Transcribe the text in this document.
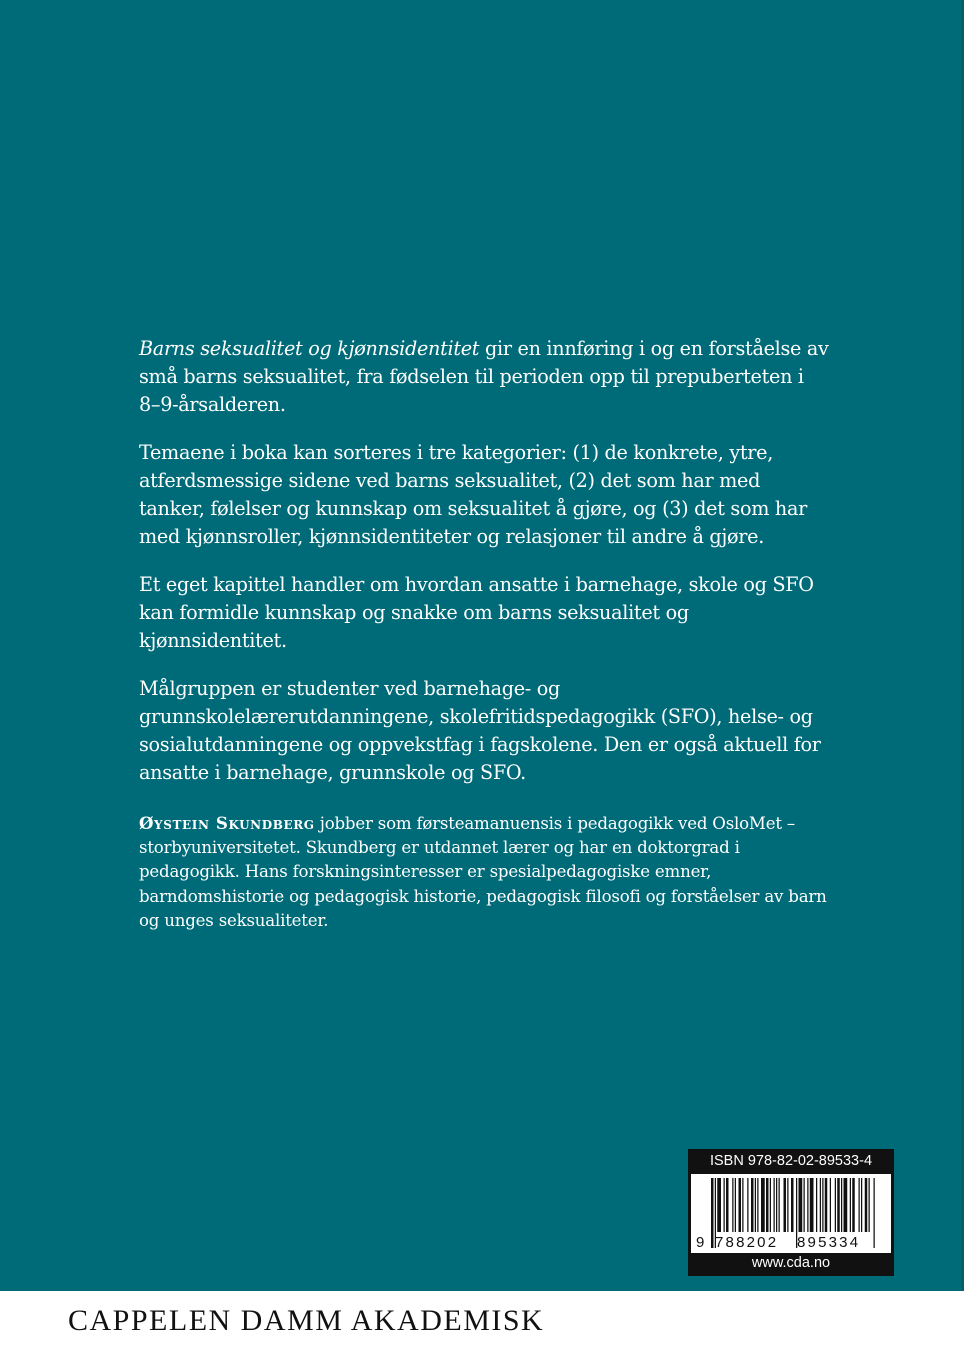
Barns seksualitet og kjønnsidentitet gir en innføring i og en forståelse av små barns seksualitet, fra fødselen til perioden opp til prepuberteten i 8–9-årsalderen.

Temaene i boka kan sorteres i tre kategorier: (1) de konkrete, ytre, atferdsmessige sidene ved barns seksualitet, (2) det som har med tanker, følelser og kunnskap om seksualitet å gjøre, og (3) det som har med kjønnsroller, kjønnsidentiteter og relasjoner til andre å gjøre.

Et eget kapittel handler om hvordan ansatte i barnehage, skole og SFO kan formidle kunnskap og snakke om barns seksualitet og kjønnsidentitet.

Målgruppen er studenter ved barnehage- og grunnskolelærerutdanningene, skolefritidspedagogikk (SFO), helse- og sosialutdanningene og oppvekstfag i fagskolene. Den er også aktuell for ansatte i barnehage, grunnskole og SFO.

Øystein Skundberg jobber som førsteamanuensis i pedagogikk ved OsloMet – storbyuniversitetet. Skundberg er utdannet lærer og har en doktorgrad i pedagogikk. Hans forskningsinteresser er spesialpedagogiske emner, barndomshistorie og pedagogisk historie, pedagogisk filosofi og forståelser av barn og unges seksualiteter.

ISBN 978-82-02-89533-4
9 788202	895334
www.cda.no
CAPPELEN DAMM AKADEMISK
